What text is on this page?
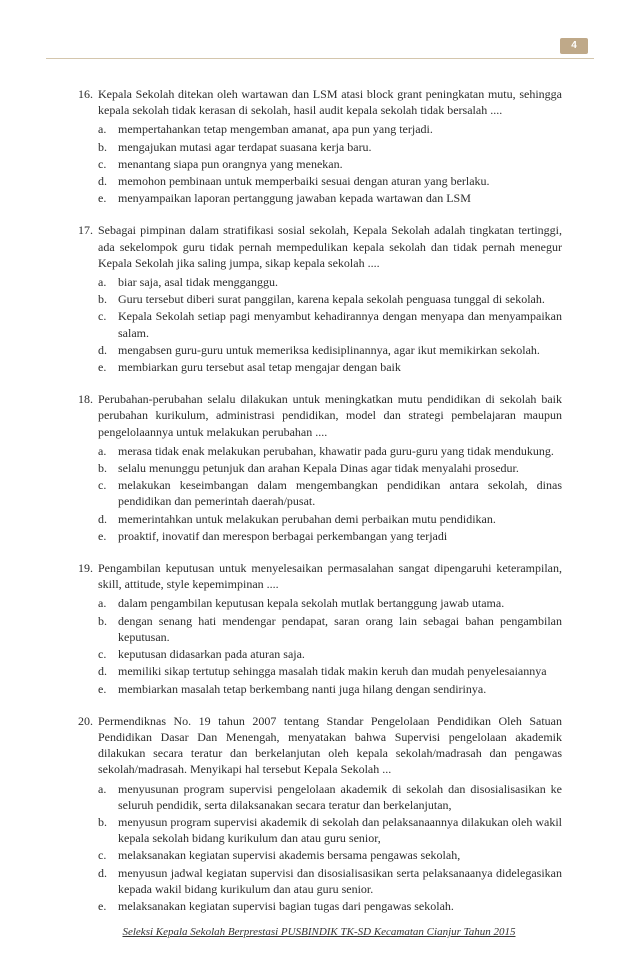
4
16. Kepala Sekolah ditekan oleh wartawan dan LSM atasi block grant peningkatan mutu, sehingga kepala sekolah tidak kerasan di sekolah, hasil audit kepala sekolah tidak bersalah ....
a. mempertahankan tetap mengemban amanat, apa pun yang terjadi.
b. mengajukan mutasi agar terdapat suasana kerja baru.
c. menantang siapa pun orangnya yang menekan.
d. memohon pembinaan untuk memperbaiki sesuai dengan aturan yang berlaku.
e. menyampaikan laporan pertanggung jawaban kepada wartawan dan LSM
17. Sebagai pimpinan dalam stratifikasi sosial sekolah, Kepala Sekolah adalah tingkatan tertinggi, ada sekelompok guru tidak pernah mempedulikan kepala sekolah dan tidak pernah menegur Kepala Sekolah jika saling jumpa, sikap kepala sekolah ....
a. biar saja, asal tidak mengganggu.
b. Guru tersebut diberi surat panggilan, karena kepala sekolah penguasa tunggal di sekolah.
c. Kepala Sekolah setiap pagi menyambut kehadirannya dengan menyapa dan menyampaikan salam.
d. mengabsen guru-guru untuk memeriksa kedisiplinannya, agar ikut memikirkan sekolah.
e. membiarkan guru tersebut asal tetap mengajar dengan baik
18. Perubahan-perubahan selalu dilakukan untuk meningkatkan mutu pendidikan di sekolah baik perubahan kurikulum, administrasi pendidikan, model dan strategi pembelajaran maupun pengelolaannya untuk melakukan perubahan ....
a. merasa tidak enak melakukan perubahan, khawatir pada guru-guru yang tidak mendukung.
b. selalu menunggu petunjuk dan arahan Kepala Dinas agar tidak menyalahi prosedur.
c. melakukan keseimbangan dalam mengembangkan pendidikan antara sekolah, dinas pendidikan dan pemerintah daerah/pusat.
d. memerintahkan untuk melakukan perubahan demi perbaikan mutu pendidikan.
e. proaktif, inovatif dan merespon berbagai perkembangan yang terjadi
19. Pengambilan keputusan untuk menyelesaikan permasalahan sangat dipengaruhi keterampilan, skill, attitude, style kepemimpinan ....
a. dalam pengambilan keputusan kepala sekolah mutlak bertanggung jawab utama.
b. dengan senang hati mendengar pendapat, saran orang lain sebagai bahan pengambilan keputusan.
c. keputusan didasarkan pada aturan saja.
d. memiliki sikap tertutup sehingga masalah tidak makin keruh dan mudah penyelesaiannya
e. membiarkan masalah tetap berkembang nanti juga hilang dengan sendirinya.
20. Permendiknas No. 19 tahun 2007 tentang Standar Pengelolaan Pendidikan Oleh Satuan Pendidikan Dasar Dan Menengah, menyatakan bahwa Supervisi pengelolaan akademik dilakukan secara teratur dan berkelanjutan oleh kepala sekolah/madrasah dan pengawas sekolah/madrasah. Menyikapi hal tersebut Kepala Sekolah ...
a. menyusunan program supervisi pengelolaan akademik di sekolah dan disosialisasikan ke seluruh pendidik, serta dilaksanakan secara teratur dan berkelanjutan,
b. menyusun program supervisi akademik di sekolah dan pelaksanaannya dilakukan oleh wakil kepala sekolah bidang kurikulum dan atau guru senior,
c. melaksanakan kegiatan supervisi akademis bersama pengawas sekolah,
d. menyusun jadwal kegiatan supervisi dan disosialisasikan serta pelaksanaanya didelegasikan kepada wakil bidang kurikulum dan atau guru senior.
e. melaksanakan kegiatan supervisi bagian tugas dari pengawas sekolah.
Seleksi Kepala Sekolah Berprestasi PUSBINDIK TK-SD Kecamatan Cianjur Tahun 2015
